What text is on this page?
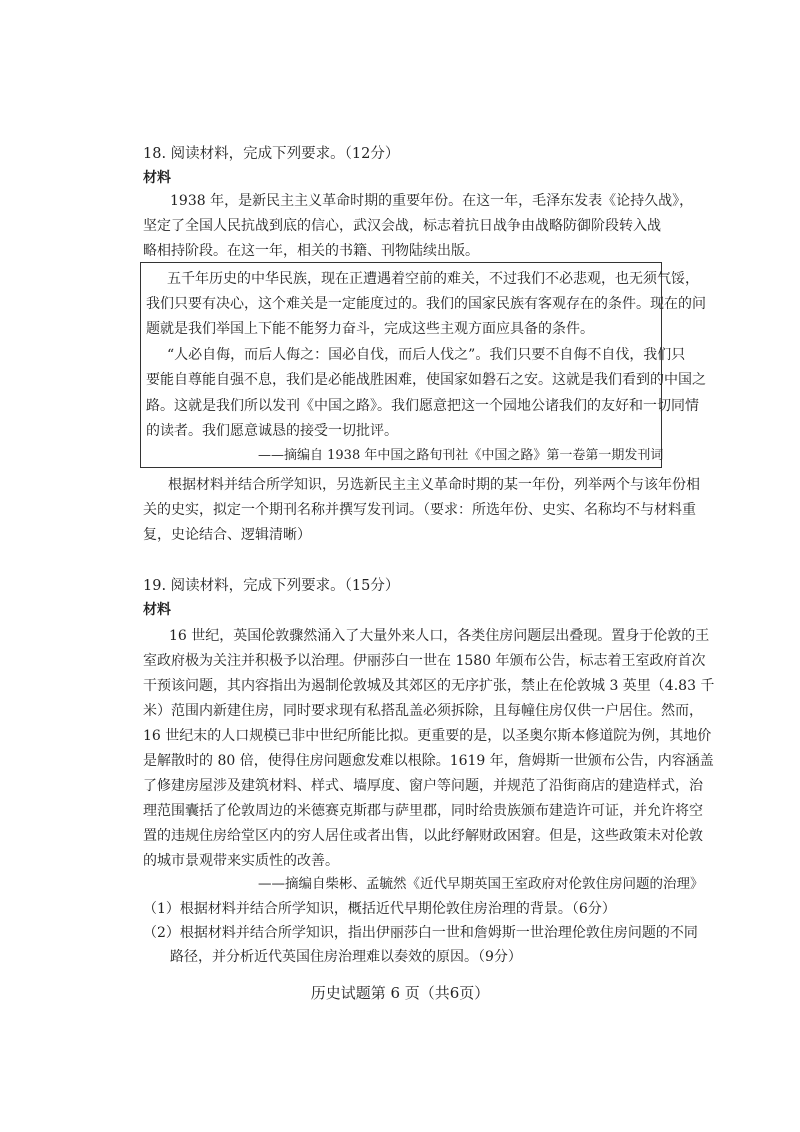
18. 阅读材料，完成下列要求。（12分）

材料

1938 年，是新民主主义革命时期的重要年份。在这一年，毛泽东发表《论持久战》，

坚定了全国人民抗战到底的信心，武汉会战，标志着抗日战争由战略防御阶段转入战

略相持阶段。在这一年，相关的书籍、刊物陆续出版。

五千年历史的中华民族，现在正遭遇着空前的难关，不过我们不必悲观，也无须气馁，

我们只要有决心，这个难关是一定能度过的。我们的国家民族有客观存在的条件。现在的问

题就是我们举国上下能不能努力奋斗，完成这些主观方面应具备的条件。

“人必自侮，而后人侮之：国必自伐，而后人伐之”。我们只要不自侮不自伐，我们只

要能自尊能自强不息，我们是必能战胜困难，使国家如磐石之安。这就是我们看到的中国之

路。这就是我们所以发刊《中国之路》。我们愿意把这一个园地公诸我们的友好和一切同情

的读者。我们愿意诚恳的接受一切批评。

——摘编自 1938 年中国之路旬刊社《中国之路》第一卷第一期发刊词

根据材料并结合所学知识，另选新民主主义革命时期的某一年份，列举两个与该年份相

关的史实，拟定一个期刊名称并撰写发刊词。（要求：所选年份、史实、名称均不与材料重

复，史论结合、逻辑清晰）

19. 阅读材料，完成下列要求。（15分）

材料

16 世纪，英国伦敦骤然涌入了大量外来人口，各类住房问题层出叠现。置身于伦敦的王

室政府极为关注并积极予以治理。伊丽莎白一世在 1580 年颁布公告，标志着王室政府首次

干预该问题，其内容指出为遏制伦敦城及其郊区的无序扩张，禁止在伦敦城 3 英里（4.83 千

米）范围内新建住房，同时要求现有私搭乱盖必须拆除，且每幢住房仅供一户居住。然而，

16 世纪末的人口规模已非中世纪所能比拟。更重要的是，以圣奥尔斯本修道院为例，其地价

是解散时的 80 倍，使得住房问题愈发难以根除。1619 年，詹姆斯一世颁布公告，内容涵盖

了修建房屋涉及建筑材料、样式、墙厚度、窗户等问题，并规范了沿街商店的建造样式，治

理范围囊括了伦敦周边的米德赛克斯郡与萨里郡，同时给贵族颁布建造许可证，并允许将空

置的违规住房给堂区内的穷人居住或者出售，以此纾解财政困窘。但是，这些政策未对伦敦

的城市景观带来实质性的改善。

——摘编自柴彬、孟毓然《近代早期英国王室政府对伦敦住房问题的治理》

（1）根据材料并结合所学知识，概括近代早期伦敦住房治理的背景。（6分）

（2）根据材料并结合所学知识，指出伊丽莎白一世和詹姆斯一世治理伦敦住房问题的不同

路径，并分析近代英国住房治理难以奏效的原因。（9分）

历史试题第 6 页（共6页）
